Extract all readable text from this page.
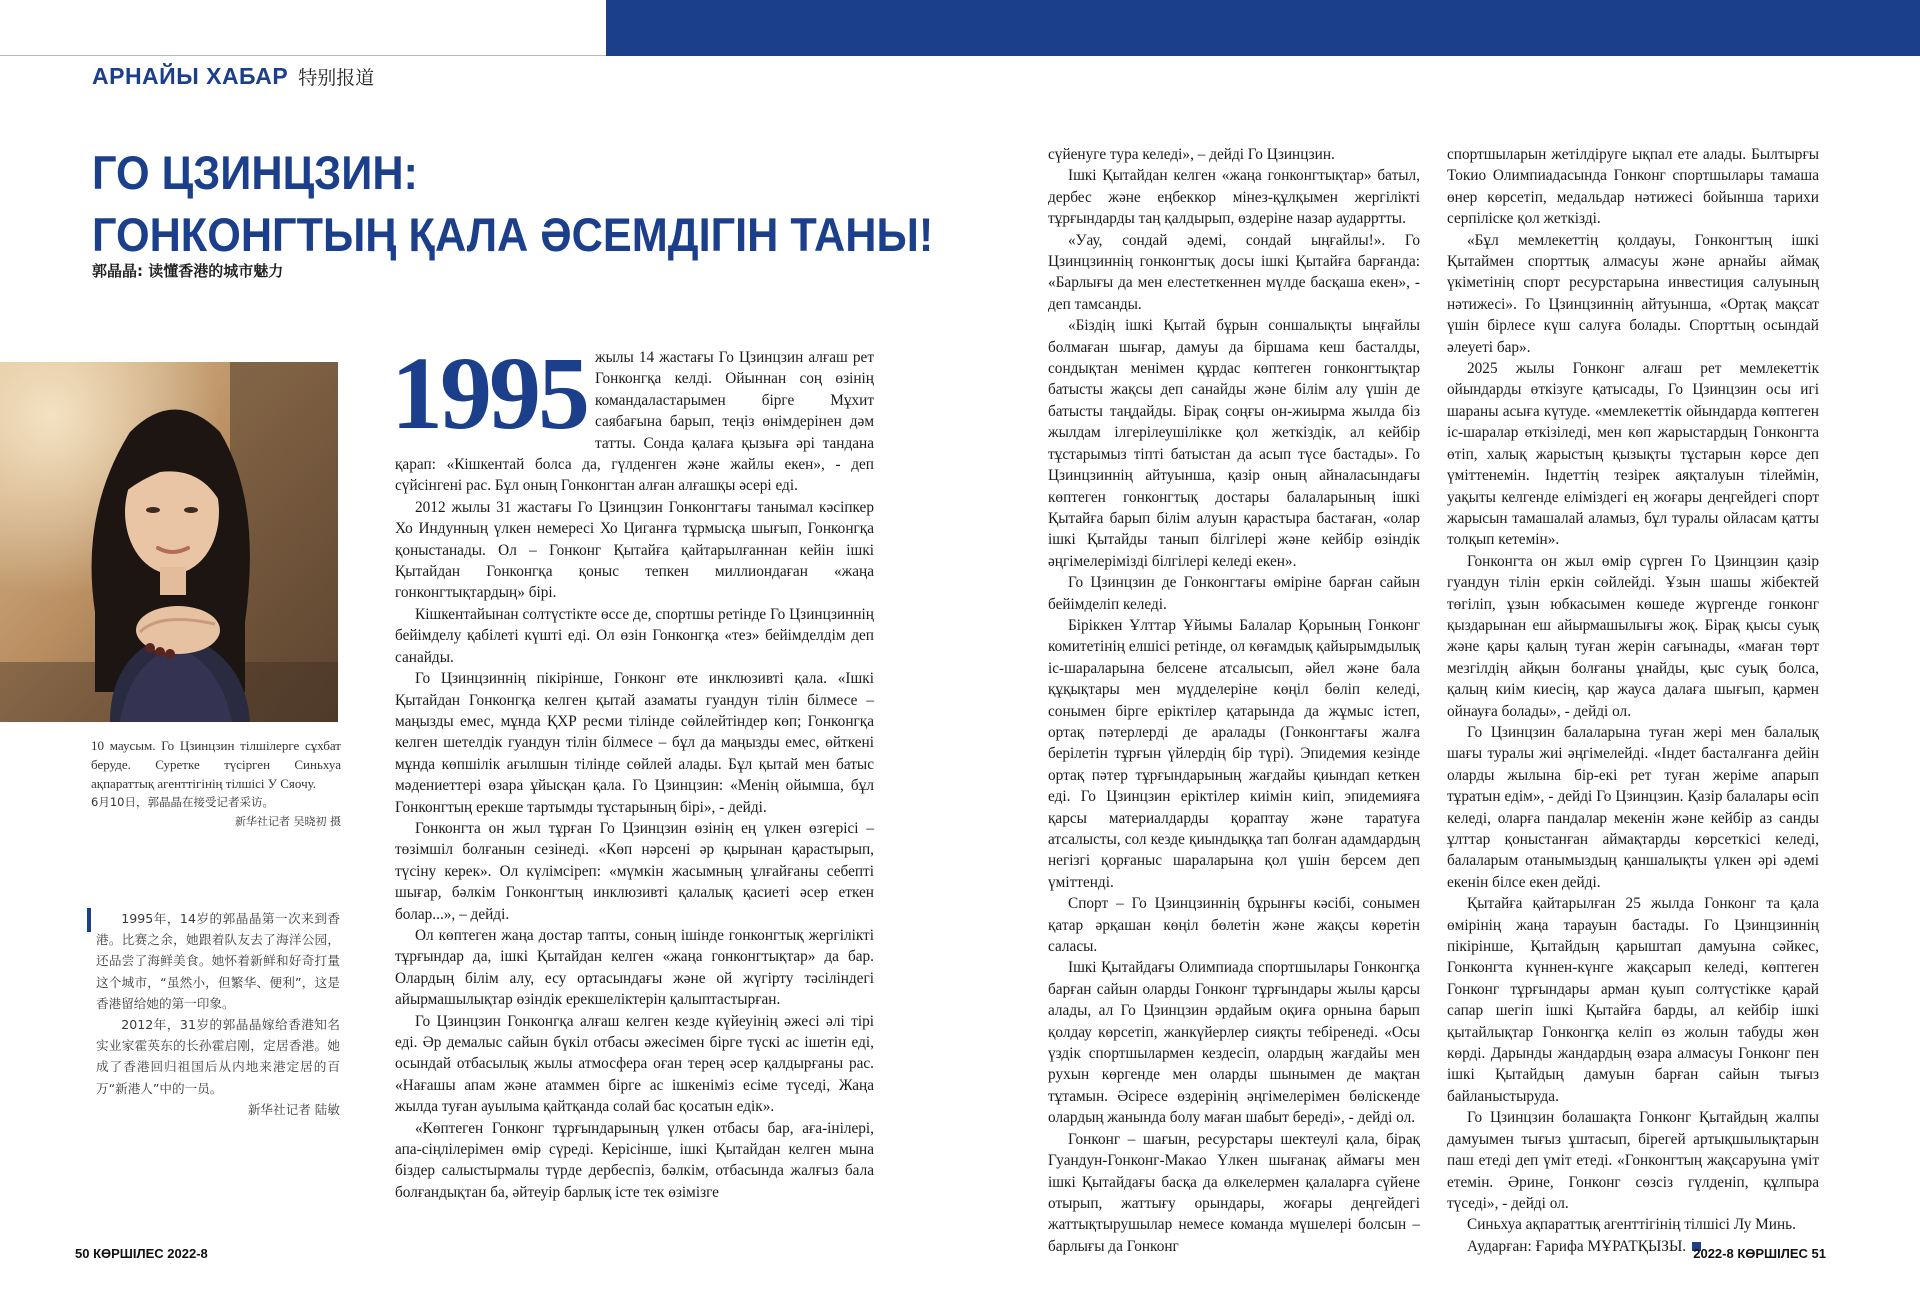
АРНАЙЫ ХАБАР 特别报道
ГО ЦЗИНЦЗИН:
ГОНКОНГТЫҢ ҚАЛА ӘСЕМДІГІН ТАНЫ!
郭晶晶: 读懂香港的城市魅力

10 маусым. Го Цзинцзин тілшілерге сұхбат беруде. Суретке түсірген Синьхуа ақпараттық агенттігінің тілшісі У Сяочу.

6月10日，郭晶晶在接受记者采访。

新华社记者 吴晓初 摄

1995年，14岁的郭晶晶第一次来到香港。比赛之余，她跟着队友去了海洋公园，还品尝了海鲜美食。她怀着新鲜和好奇打量这个城市，“虽然小，但繁华、便利”，这是香港留给她的第一印象。

2012年，31岁的郭晶晶嫁给香港知名实业家霍英东的长孙霍启刚，定居香港。她成了香港回归祖国后从内地来港定居的百万“新港人”中的一员。

新华社记者 陆敏

1995 жылы 14 жастағы Го Цзинцзин алғаш рет Гонконгқа келді. Ойыннан соң өзінің командаластарымен бірге Мұхит саябағына барып, теңіз өнімдерінен дәм татты. Сонда қалаға қызыға әрі тандана қарап: «Кішкентай болса да, гүлденген және жайлы екен», - деп сүйсінгені рас. Бұл оның Гонконгтан алған алғашқы әсері еді.

2012 жылы 31 жастағы Го Цзинцзин Гонконгтағы танымал кәсіпкер Хо Индунның үлкен немересі Хо Циганға тұрмысқа шығып, Гонконгқа қоныстанады. Ол – Гонконг Қытайға қайтарылғаннан кейін ішкі Қытайдан Гонконгқа қоныс тепкен миллиондаған «жаңа гонконгтықтардың» бірі.

Кішкентайынан солтүстікте өссе де, спортшы ретінде Го Цзинцзиннің бейімделу қабілеті күшті еді. Ол өзін Гонконгқа «тез» бейімделдім деп санайды.

Го Цзинцзиннің пікірінше, Гонконг өте инклюзивті қала. «Ішкі Қытайдан Гонконгқа келген қытай азаматы гуандун тілін білмесе – маңызды емес, мұнда ҚХР ресми тілінде сөйлейтіндер көп; Гонконгқа келген шетелдік гуандун тілін білмесе – бұл да маңызды емес, өйткені мұнда көпшілік ағылшын тілінде сөйлей алады. Бұл қытай мен батыс мәдениеттері өзара ұйысқан қала. Го Цзинцзин: «Менің ойымша, бұл Гонконгтың ерекше тартымды тұстарының бірі», - дейді.

Гонконгта он жыл тұрған Го Цзинцзин өзінің ең үлкен өзгерісі – төзімшіл болғанын сезінеді. «Көп нәрсені әр қырынан қарастырып, түсіну керек». Ол күлімсіреп: «мүмкін жасымның ұлғайғаны себепті шығар, бәлкім Гонконгтың инклюзивті қалалық қасиеті әсер еткен болар...», – дейді.

Ол көптеген жаңа достар тапты, соның ішінде гонконгтық жергілікті тұрғындар да, ішкі Қытайдан келген «жаңа гонконгтықтар» да бар. Олардың білім алу, есу ортасындағы және ой жүгірту тәсіліндегі айырмашылықтар өзіндік ерекшеліктерін қалыптастырған.

Го Цзинцзин Гонконгқа алғаш келген кезде күйеуінің әжесі әлі тірі еді. Әр демалыс сайын бүкіл отбасы әжесімен бірге түскі ас ішетін еді, осындай отбасылық жылы атмосфера оған терең әсер қалдырғаны рас. «Нағашы апам және атаммен бірге ас ішкеніміз есіме түседі, Жаңа жылда туған ауылыма қайтқанда солай бас қосатын едік».

«Көптеген Гонконг тұрғындарының үлкен отбасы бар, аға-інілері, апа-сіңлілерімен өмір сүреді. Керісінше, ішкі Қытайдан келген мына біздер салыстырмалы түрде дербеспіз, бәлкім, отбасында жалғыз бала болғандықтан ба, әйтеуір барлық істе тек өзімізге

сүйенуге тура келеді», – дейді Го Цзинцзин.

Ішкі Қытайдан келген «жаңа гонконгтықтар» батыл, дербес және еңбеккор мінез-құлқымен жергілікті тұрғындарды таң қалдырып, өздеріне назар аударртты.

«Уау, сондай әдемі, сондай ыңғайлы!». Го Цзинцзиннің гонконгтық досы ішкі Қытайға барғанда: «Барлығы да мен елестеткеннен мүлде басқаша екен», - деп тамсанды.

«Біздің ішкі Қытай бұрын соншалықты ыңғайлы болмаған шығар, дамуы да біршама кеш басталды, сондықтан менімен құрдас көптеген гонконгтықтар батысты жақсы деп санайды және білім алу үшін де батысты таңдайды. Бірақ соңғы он-жиырма жылда біз жылдам ілгерілеушілікке қол жеткіздік, ал кейбір тұстарымыз тіпті батыстан да асып түсе бастады». Го Цзинцзиннің айтуынша, қазір оның айналасындағы көптеген гонконгтық достары балаларының ішкі Қытайға барып білім алуын қарастыра бастаған, «олар ішкі Қытайды танып білгілері және кейбір өзіндік әңгімелерімізді білгілері келеді екен».

Го Цзинцзин де Гонконгтағы өміріне барған сайын бейімделіп келеді.

Біріккен Ұлттар Ұйымы Балалар Қорының Гонконг комитетінің елшісі ретінде, ол көғамдық қайырымдылық іс-шараларына белсене атсалысып, әйел және бала құқықтары мен мүдделеріне көңіл бөліп келеді, сонымен бірге еріктілер қатарында да жұмыс істеп, ортақ пәтерлерді де аралады (Гонконгтағы жалға берілетін тұрғын үйлердің бір түрі). Эпидемия кезінде ортақ пәтер тұрғындарының жағдайы қиындап кеткен еді. Го Цзинцзин еріктілер киімін киіп, эпидемияға қарсы материалдарды қораптау және таратуға атсалысты, сол кезде қиындыққа тап болған адамдардың негізгі қорғаныс шараларына қол үшін берсем деп үміттенді.

Спорт – Го Цзинцзиннің бұрынғы кәсібі, сонымен қатар әрқашан көңіл бөлетін және жақсы көретін саласы.

Ішкі Қытайдағы Олимпиада спортшылары Гонконгқа барған сайын оларды Гонконг тұрғындары жылы қарсы алады, ал Го Цзинцзин әрдайым оқиға орнына барып қолдау көрсетіп, жанкүйерлер сияқты тебіренеді. «Осы үздік спортшылармен кездесіп, олардың жағдайы мен рухын көргенде мен оларды шынымен де мақтан тұтамын. Әсіресе өздерінің әңгімелерімен бөліскенде олардың жанында болу маған шабыт береді», - дейді ол.

Гонконг – шағын, ресурстары шектеулі қала, бірақ Гуандун-Гонконг-Макао Үлкен шығанақ аймағы мен ішкі Қытайдағы басқа да өлкелермен қалаларға сүйене отырып, жаттығу орындары, жоғары деңгейдегі жаттықтырушылар немесе команда мүшелері болсын – барлығы да Гонконг

спортшыларын жетілдіруге ықпал ете алады. Былтырғы Токио Олимпиадасында Гонконг спортшылары тамаша өнер көрсетіп, медальдар нәтижесі бойынша тарихи серпіліске қол жеткізді.

«Бұл мемлекеттің қолдауы, Гонконгтың ішкі Қытаймен спорттық алмасуы және арнайы аймақ үкіметінің спорт ресурстарына инвестиция салуының нәтижесі». Го Цзинцзиннің айтуынша, «Ортақ мақсат үшін бірлесе күш салуға болады. Спорттың осындай әлеуеті бар».

2025 жылы Гонконг алғаш рет мемлекеттік ойындарды өткізуге қатысады, Го Цзинцзин осы игі шараны асыға күтуде. «мемлекеттік ойындарда көптеген іс-шаралар өткізіледі, мен көп жарыстардың Гонконгта өтіп, халық жарыстың қызықты тұстарын көрсе деп үміттенемін. Індеттің тезірек аяқталуын тілеймін, уақыты келгенде еліміздегі ең жоғары деңгейдегі спорт жарысын тамашалай аламыз, бұл туралы ойласам қатты толқып кетемін».

Гонконгта он жыл өмір сүрген Го Цзинцзин қазір гуандун тілін еркін сөйлейді. Ұзын шашы жібектей төгіліп, ұзын юбкасымен көшеде жүргенде гонконг қыздарынан еш айырмашылығы жоқ. Бірақ қысы суық және қары қалың туған жерін сағынады, «маған төрт мезгілдің айқын болғаны ұнайды, қыс суық болса, қалың киім киесің, қар жауса далаға шығып, қармен ойнауға болады», - дейді ол.

Го Цзинцзин балаларына туған жері мен балалық шағы туралы жиі әңгімелейді. «Індет басталғанға дейін оларды жылына бір-екі рет туған жеріме апарып тұратын едім», - дейді Го Цзинцзин. Қазір балалары өсіп келеді, оларға пандалар мекенін және кейбір аз санды ұлттар қоныстанған аймақтарды көрсеткісі келеді, балаларым отанымыздың қаншалықты үлкен әрі әдемі екенін білсе екен дейді.

Қытайға қайтарылған 25 жылда Гонконг та қала өмірінің жаңа тарауын бастады. Го Цзинцзиннің пікірінше, Қытайдың қарыштап дамуына сәйкес, Гонконгта күннен-күнге жақсарып келеді, көптеген Гонконг тұрғындары арман қуып солтүстікке қарай сапар шегіп ішкі Қытайға барды, ал кейбір ішкі қытайлықтар Гонконгқа келіп өз жолын табуды жөн көрді. Дарынды жандардың өзара алмасуы Гонконг пен ішкі Қытайдың дамуын барған сайын тығыз байланыстыруда.

Го Цзинцзин болашақта Гонконг Қытайдың жалпы дамуымен тығыз ұштасып, бірегей артықшылықтарын паш етеді деп үміт етеді. «Гонконгтың жақсаруына үміт етемін. Әрине, Гонконг сөзсіз гүлденіп, құлпыра түседі», - дейді ол.

Синьхуа ақпараттық агенттігінің тілшісі Лу Минь.

Аударған: Ғарифа МҰРАТҚЫЗЫ.

50 КӨРШІЛЕС 2022-8	2022-8 КӨРШІЛЕС 51
